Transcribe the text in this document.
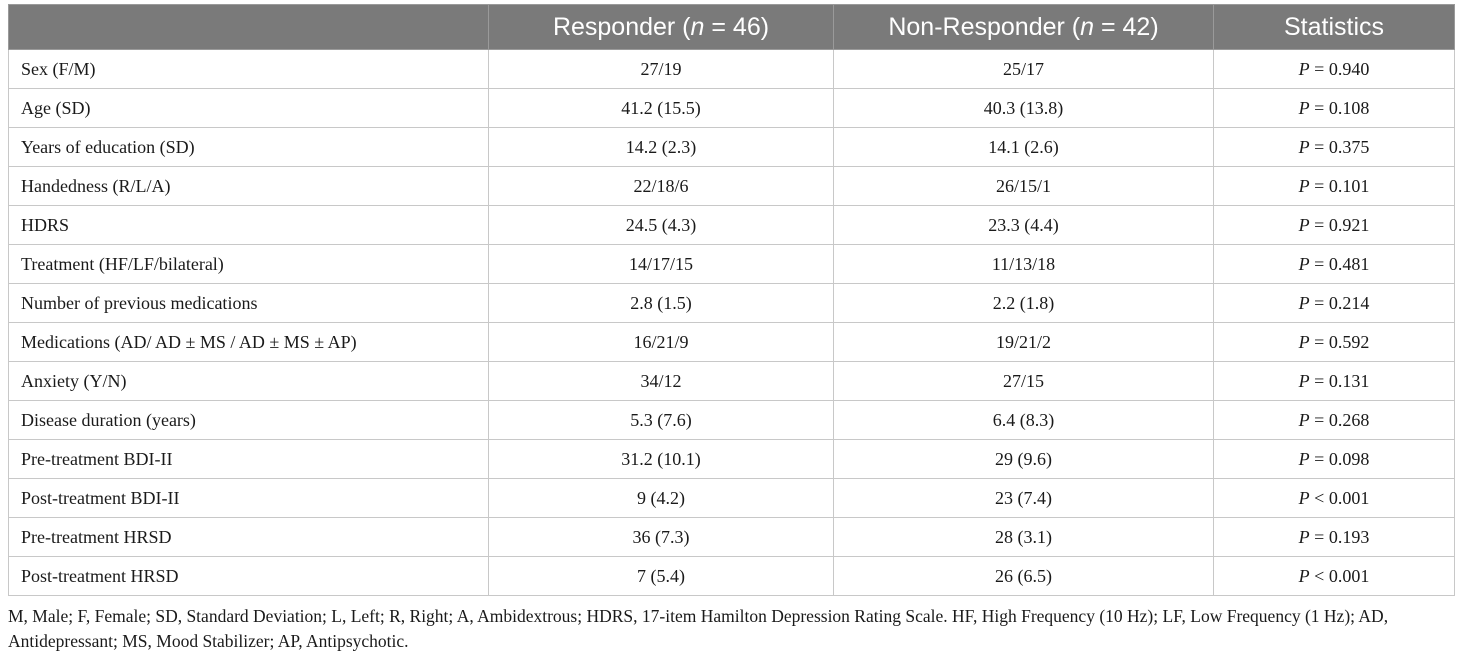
	Responder (n = 46)	Non-Responder (n = 42)	Statistics
Sex (F/M)	27/19	25/17	P = 0.940
Age (SD)	41.2 (15.5)	40.3 (13.8)	P = 0.108
Years of education (SD)	14.2 (2.3)	14.1 (2.6)	P = 0.375
Handedness (R/L/A)	22/18/6	26/15/1	P = 0.101
HDRS	24.5 (4.3)	23.3 (4.4)	P = 0.921
Treatment (HF/LF/bilateral)	14/17/15	11/13/18	P = 0.481
Number of previous medications	2.8 (1.5)	2.2 (1.8)	P = 0.214
Medications (AD/ AD ± MS / AD ± MS ± AP)	16/21/9	19/21/2	P = 0.592
Anxiety (Y/N)	34/12	27/15	P = 0.131
Disease duration (years)	5.3 (7.6)	6.4 (8.3)	P = 0.268
Pre-treatment BDI-II	31.2 (10.1)	29 (9.6)	P = 0.098
Post-treatment BDI-II	9 (4.2)	23 (7.4)	P < 0.001
Pre-treatment HRSD	36 (7.3)	28 (3.1)	P = 0.193
Post-treatment HRSD	7 (5.4)	26 (6.5)	P < 0.001
M, Male; F, Female; SD, Standard Deviation; L, Left; R, Right; A, Ambidextrous; HDRS, 17-item Hamilton Depression Rating Scale. HF, High Frequency (10 Hz); LF, Low Frequency (1 Hz); AD, Antidepressant; MS, Mood Stabilizer; AP, Antipsychotic.
